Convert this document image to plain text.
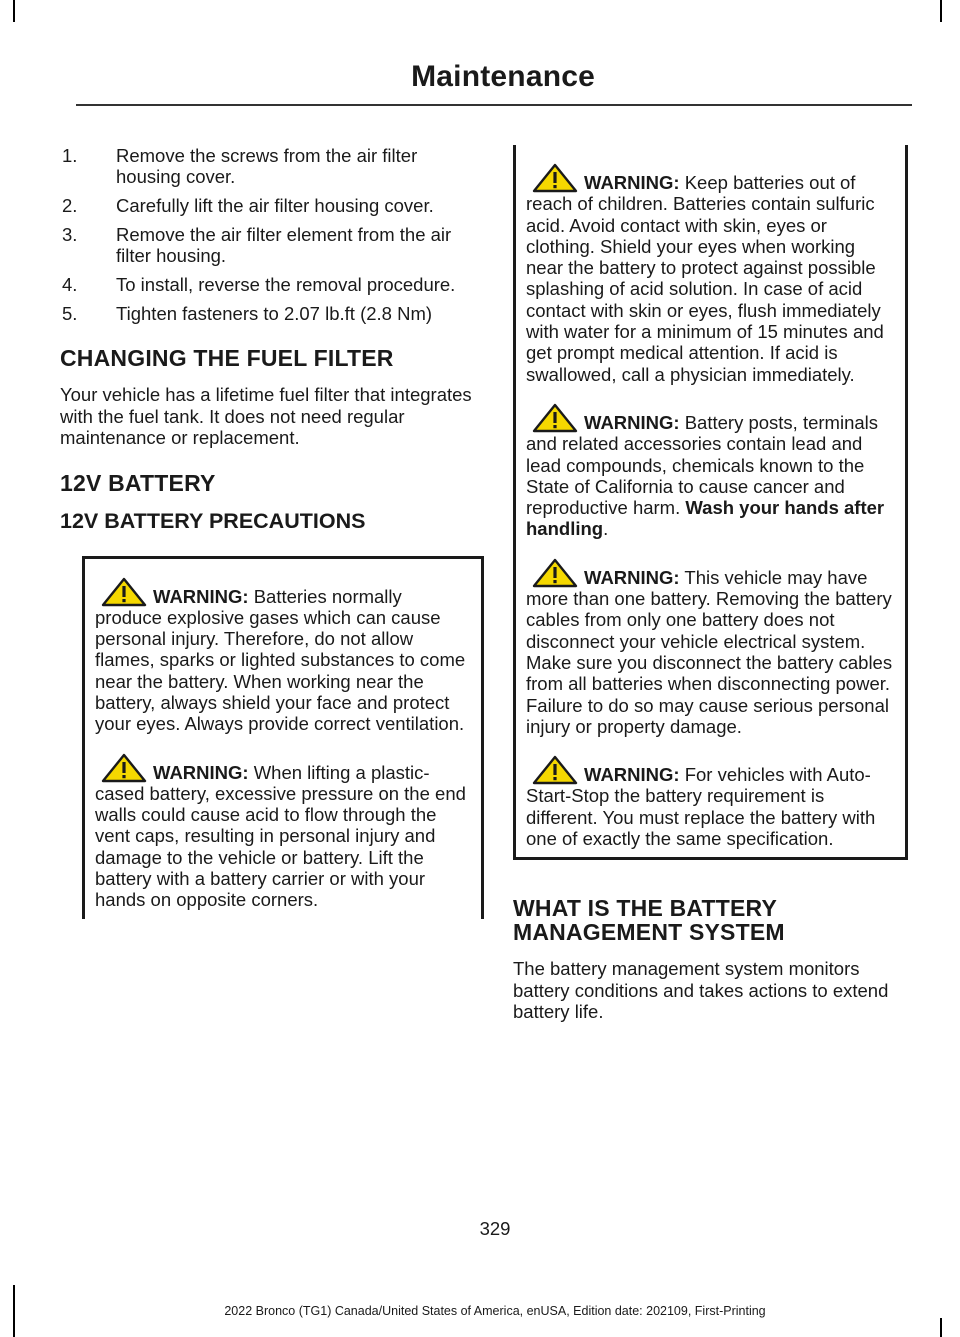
Maintenance
1. Remove the screws from the air filter housing cover.
2. Carefully lift the air filter housing cover.
3. Remove the air filter element from the air filter housing.
4. To install, reverse the removal procedure.
5. Tighten fasteners to 2.07 lb.ft (2.8 Nm)
CHANGING THE FUEL FILTER

Your vehicle has a lifetime fuel filter that integrates with the fuel tank. It does not need regular maintenance or replacement.

12V BATTERY
12V BATTERY PRECAUTIONS
WARNING: Batteries normally produce explosive gases which can cause personal injury. Therefore, do not allow flames, sparks or lighted substances to come near the battery. When working near the battery, always shield your face and protect your eyes. Always provide correct ventilation.
WARNING: When lifting a plastic-cased battery, excessive pressure on the end walls could cause acid to flow through the vent caps, resulting in personal injury and damage to the vehicle or battery. Lift the battery with a battery carrier or with your hands on opposite corners.
WARNING: Keep batteries out of reach of children. Batteries contain sulfuric acid. Avoid contact with skin, eyes or clothing. Shield your eyes when working near the battery to protect against possible splashing of acid solution. In case of acid contact with skin or eyes, flush immediately with water for a minimum of 15 minutes and get prompt medical attention. If acid is swallowed, call a physician immediately.
WARNING: Battery posts, terminals and related accessories contain lead and lead compounds, chemicals known to the State of California to cause cancer and reproductive harm. Wash your hands after handling.
WARNING: This vehicle may have more than one battery. Removing the battery cables from only one battery does not disconnect your vehicle electrical system. Make sure you disconnect the battery cables from all batteries when disconnecting power. Failure to do so may cause serious personal injury or property damage.
WARNING: For vehicles with Auto-Start-Stop the battery requirement is different. You must replace the battery with one of exactly the same specification.
WHAT IS THE BATTERY MANAGEMENT SYSTEM

The battery management system monitors battery conditions and takes actions to extend battery life.

329
2022 Bronco (TG1) Canada/United States of America, enUSA, Edition date: 202109, First-Printing
